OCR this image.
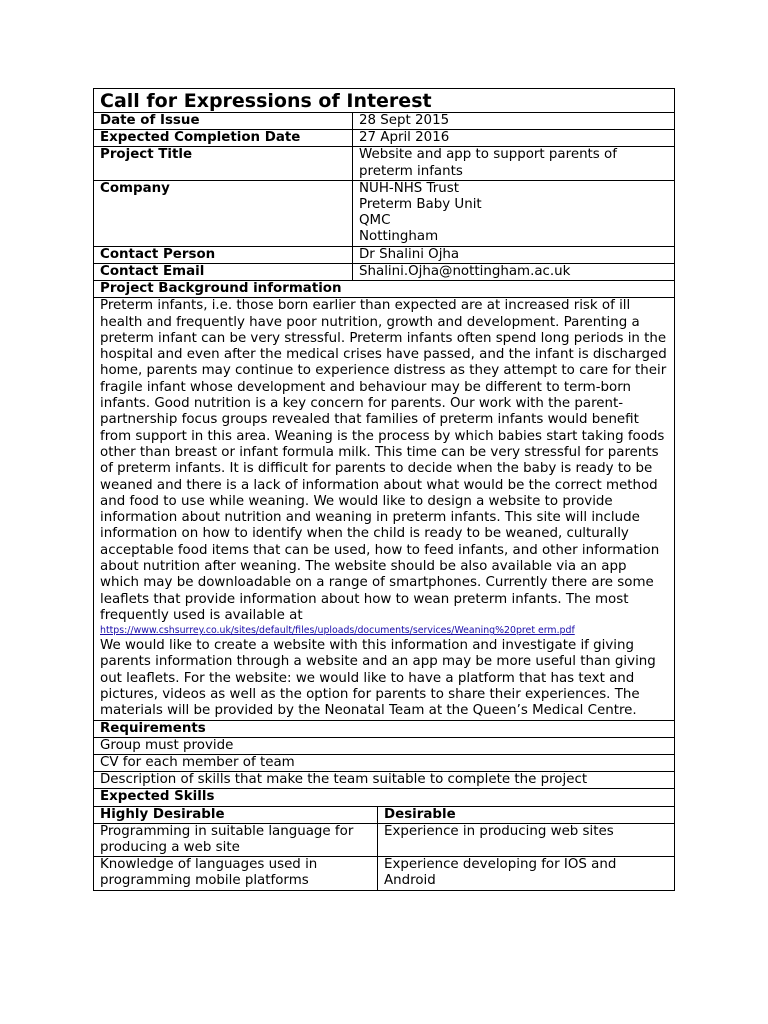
Call for Expressions of Interest	
Date of Issue	28 Sept 2015
Expected Completion Date	27 April 2016
Project Title	Website and app to support parents of preterm infants
Company	NUH-NHS Trust
Preterm Baby Unit
QMC
Nottingham

Contact Person	Dr Shalini Ojha
Contact Email	Shalini.Ojha@nottingham.ac.uk
Project Background information	
Preterm infants, i.e. those born earlier than expected are at increased risk of ill health and frequently have poor nutrition, growth and development. Parenting a preterm infant can be very stressful. Preterm infants often spend long periods in the hospital and even after the medical crises have passed, and the infant is discharged home, parents may continue to experience distress as they attempt to care for their fragile infant whose development and behaviour may be different to term-born infants. Good nutrition is a key concern for parents. Our work with the parent-partnership focus groups revealed that families of preterm infants would benefit from support in this area. Weaning is the process by which babies start taking foods other than breast or infant formula milk. This time can be very stressful for parents of preterm infants. It is difficult for parents to decide when the baby is ready to be weaned and there is a lack of information about what would be the correct method and food to use while weaning. We would like to design a website to provide information about nutrition and weaning in preterm infants. This site will include information on how to identify when the child is ready to be weaned, culturally acceptable food items that can be used, how to feed infants, and other information about nutrition after weaning. The website should be also available via an app which may be downloadable on a range of smartphones. Currently there are some leaflets that provide information about how to wean preterm infants. The most frequently used is available at
https://www.cshsurrey.co.uk/sites/default/files/uploads/documents/services/Weaning%20pret erm.pdf
We would like to create a website with this information and investigate if giving parents information through a website and an app may be more useful than giving out leaflets. For the website: we would like to have a platform that has text and pictures, videos as well as the option for parents to share their experiences. The materials will be provided by the Neonatal Team at the Queen’s Medical Centre.	
Requirements	
Group must provide	
CV for each member of team	
Description of skills that make the team suitable to complete the project	
Expected Skills	
Highly Desirable	Desirable
Programming in suitable language for producing a web site	Experience in producing web sites
Knowledge of languages used in programming mobile platforms	Experience developing for IOS and Android
